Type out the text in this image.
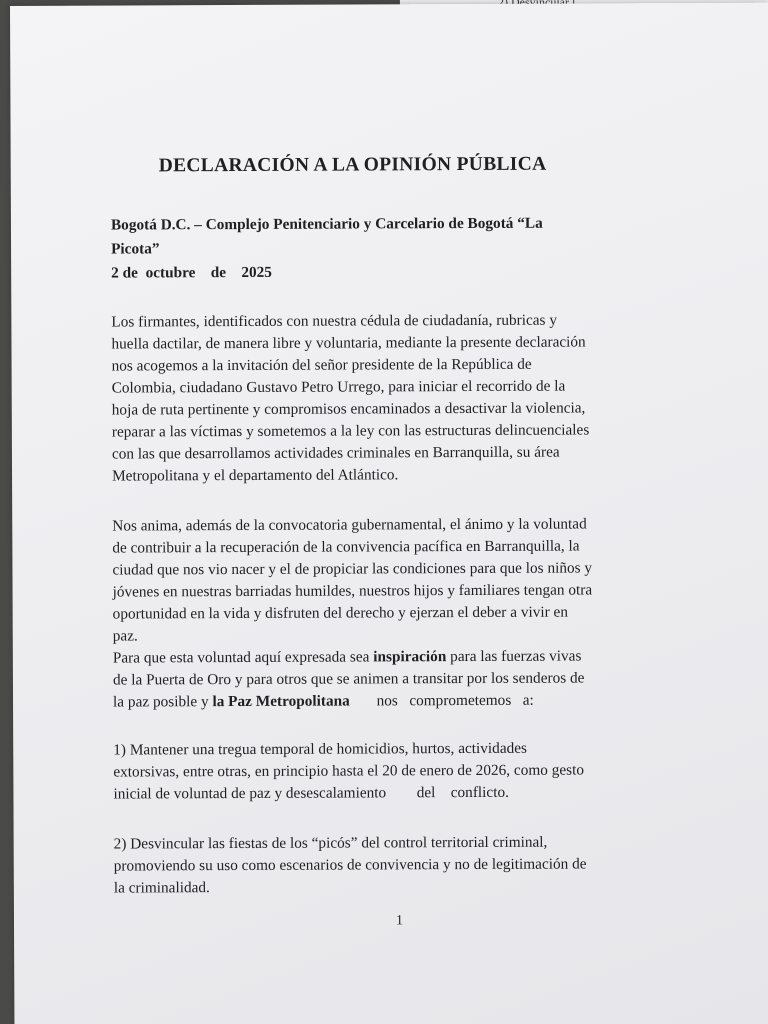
DECLARACIÓN A LA OPINIÓN PÚBLICA
Bogotá D.C. – Complejo Penitenciario y Carcelario de Bogotá “La
Picota”
2 de  octubre    de    2025
Los firmantes, identificados con nuestra cédula de ciudadanía, rubricas y
huella dactilar, de manera libre y voluntaria, mediante la presente declaración
nos acogemos a la invitación del señor presidente de la República de
Colombia, ciudadano Gustavo Petro Urrego, para iniciar el recorrido de la
hoja de ruta pertinente y compromisos encaminados a desactivar la violencia,
reparar a las víctimas y sometemos a la ley con las estructuras delincuenciales
con las que desarrollamos actividades criminales en Barranquilla, su área
Metropolitana y el departamento del Atlántico.
Nos anima, además de la convocatoria gubernamental, el ánimo y la voluntad
de contribuir a la recuperación de la convivencia pacífica en Barranquilla, la
ciudad que nos vio nacer y el de propiciar las condiciones para que los niños y
jóvenes en nuestras barriadas humildes, nuestros hijos y familiares tengan otra
oportunidad en la vida y disfruten del derecho y ejerzan el deber a vivir en
paz.
Para que esta voluntad aquí expresada sea inspiración para las fuerzas vivas
de la Puerta de Oro y para otros que se animen a transitar por los senderos de
la paz posible y la Paz Metropolitana       nos   comprometemos   a:
1) Mantener una tregua temporal de homicidios, hurtos, actividades
extorsivas, entre otras, en principio hasta el 20 de enero de 2026, como gesto
inicial de voluntad de paz y desescalamiento        del    conflicto.
2) Desvincular las fiestas de los “picós” del control territorial criminal,
promoviendo su uso como escenarios de convivencia y no de legitimación de
la criminalidad.
1
